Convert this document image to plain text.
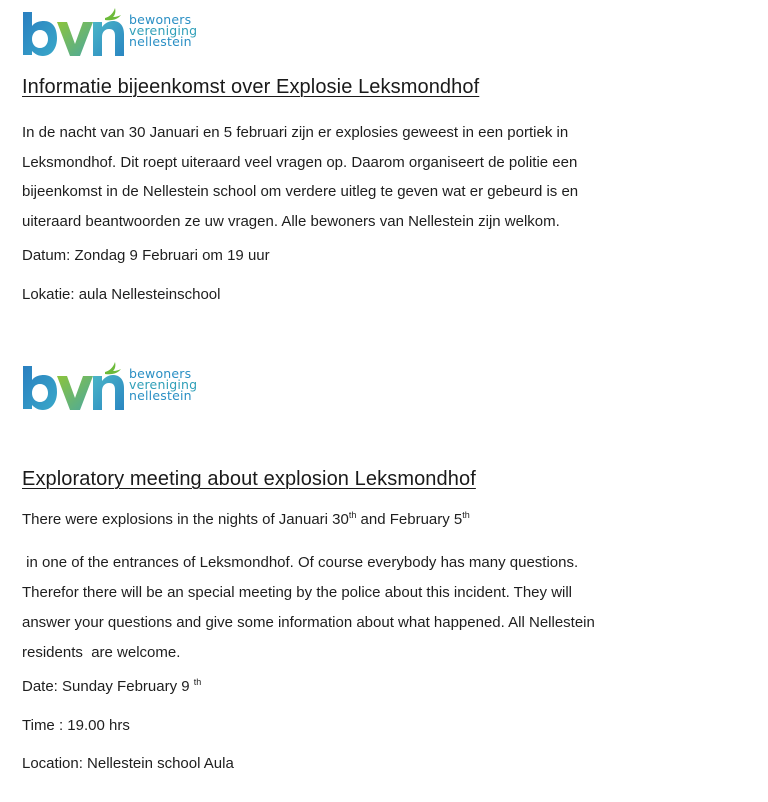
bewoners
vereniging
nellestein
Informatie bijeenkomst over Explosie Leksmondhof
In de nacht van 30 Januari en 5 februari zijn er explosies geweest in een portiek in
Leksmondhof. Dit roept uiteraard veel vragen op. Daarom organiseert de politie een
bijeenkomst in de Nellestein school om verdere uitleg te geven wat er gebeurd is en
uiteraard beantwoorden ze uw vragen. Alle bewoners van Nellestein zijn welkom.

Datum: Zondag 9 Februari om 19 uur

Lokatie: aula Nellesteinschool

bewoners
vereniging
nellestein
Exploratory meeting about explosion Leksmondhof

There were explosions in the nights of Januari 30th and February 5th

in one of the entrances of Leksmondhof. Of course everybody has many questions.
Therefor there will be an special meeting by the police about this incident. They will
answer your questions and give some information about what happened. All Nellestein
residents  are welcome.

Date: Sunday February 9 $^{th}$

Time : 19.00 hrs

Location: Nellestein school Aula
